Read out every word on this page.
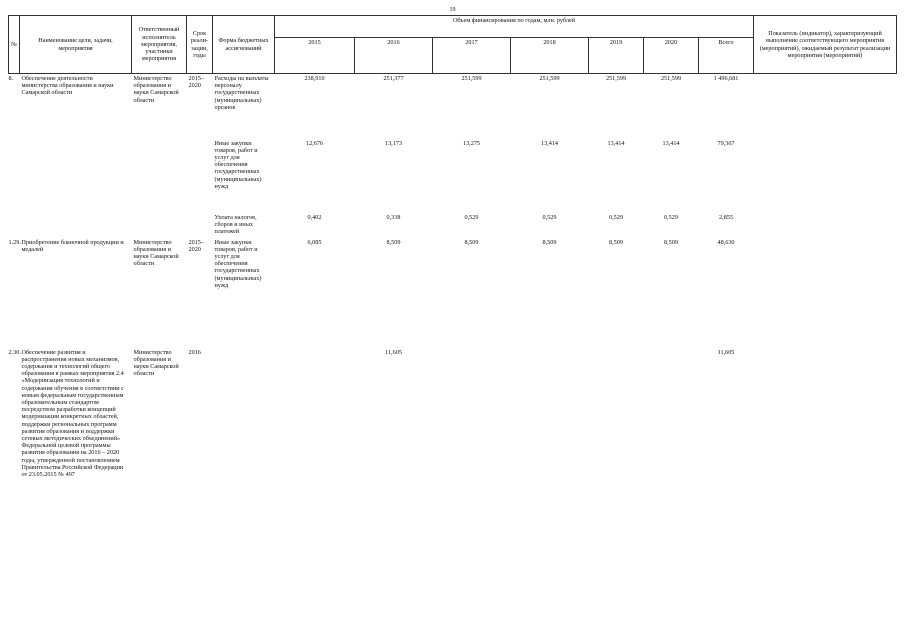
19
№	Наименование цели, задачи, мероприятия	Ответственный исполнитель мероприятия, участники мероприятия	Срок реали-зации, годы	Форма бюджетных ассигнований	Объем финансирования по годам, млн. рублей							Показатель (индикатор), характеризующий выполнение соответствующего мероприятия (мероприятий), ожидаемый результат реализации мероприятия (мероприятий)
					2015	2016	2017	2018	2019	2020	Всего	
8.	Обеспечение деятельности министерства образования и науки Самарской области	Министерство образования и науки Самарской области	2015–2020	Расходы на выплаты персоналу государственных (муниципальных) органов	238,910	251,377	251,599	251,599	251,599	251,599	1 496,681	
				Иные закупки товаров, работ и услуг для обеспечения государственных (муниципальных) нужд	12,676	13,173	13,275	13,414	13,414	13,414	79,367	
				Уплата налогов, сборов и иных платежей	0,402	0,338	0,529	0,529	0,529	0,529	2,855	
1.29.	Приобретение бланочной продукции и медалей	Министерство образования и науки Самарской области	2015–2020	Иные закупки товаров, работ и услуг для обеспечения государственных (муниципальных) нужд	6,085	8,509	8,509	8,509	8,509	8,509	48,630	
2.30.	Обеспечение развития и распространения новых механизмов, содержания и технологий общего образования в рамках мероприятия 2.4 «Модернизация технологий и содержания обучения в соответствии с новым федеральным государственным образовательным стандартом посредством разработки концепций модернизации конкретных областей, поддержки региональных программ развития образования и поддержки сетевых методических объединений» Федеральной целевой программы развития образования на 2016 – 2020 годы, утвержденной постановлением Правительства Российской Федерации от 23.05.2015 № 497	Министерство образования и науки Самарской области	2016			11,605					11,605	
